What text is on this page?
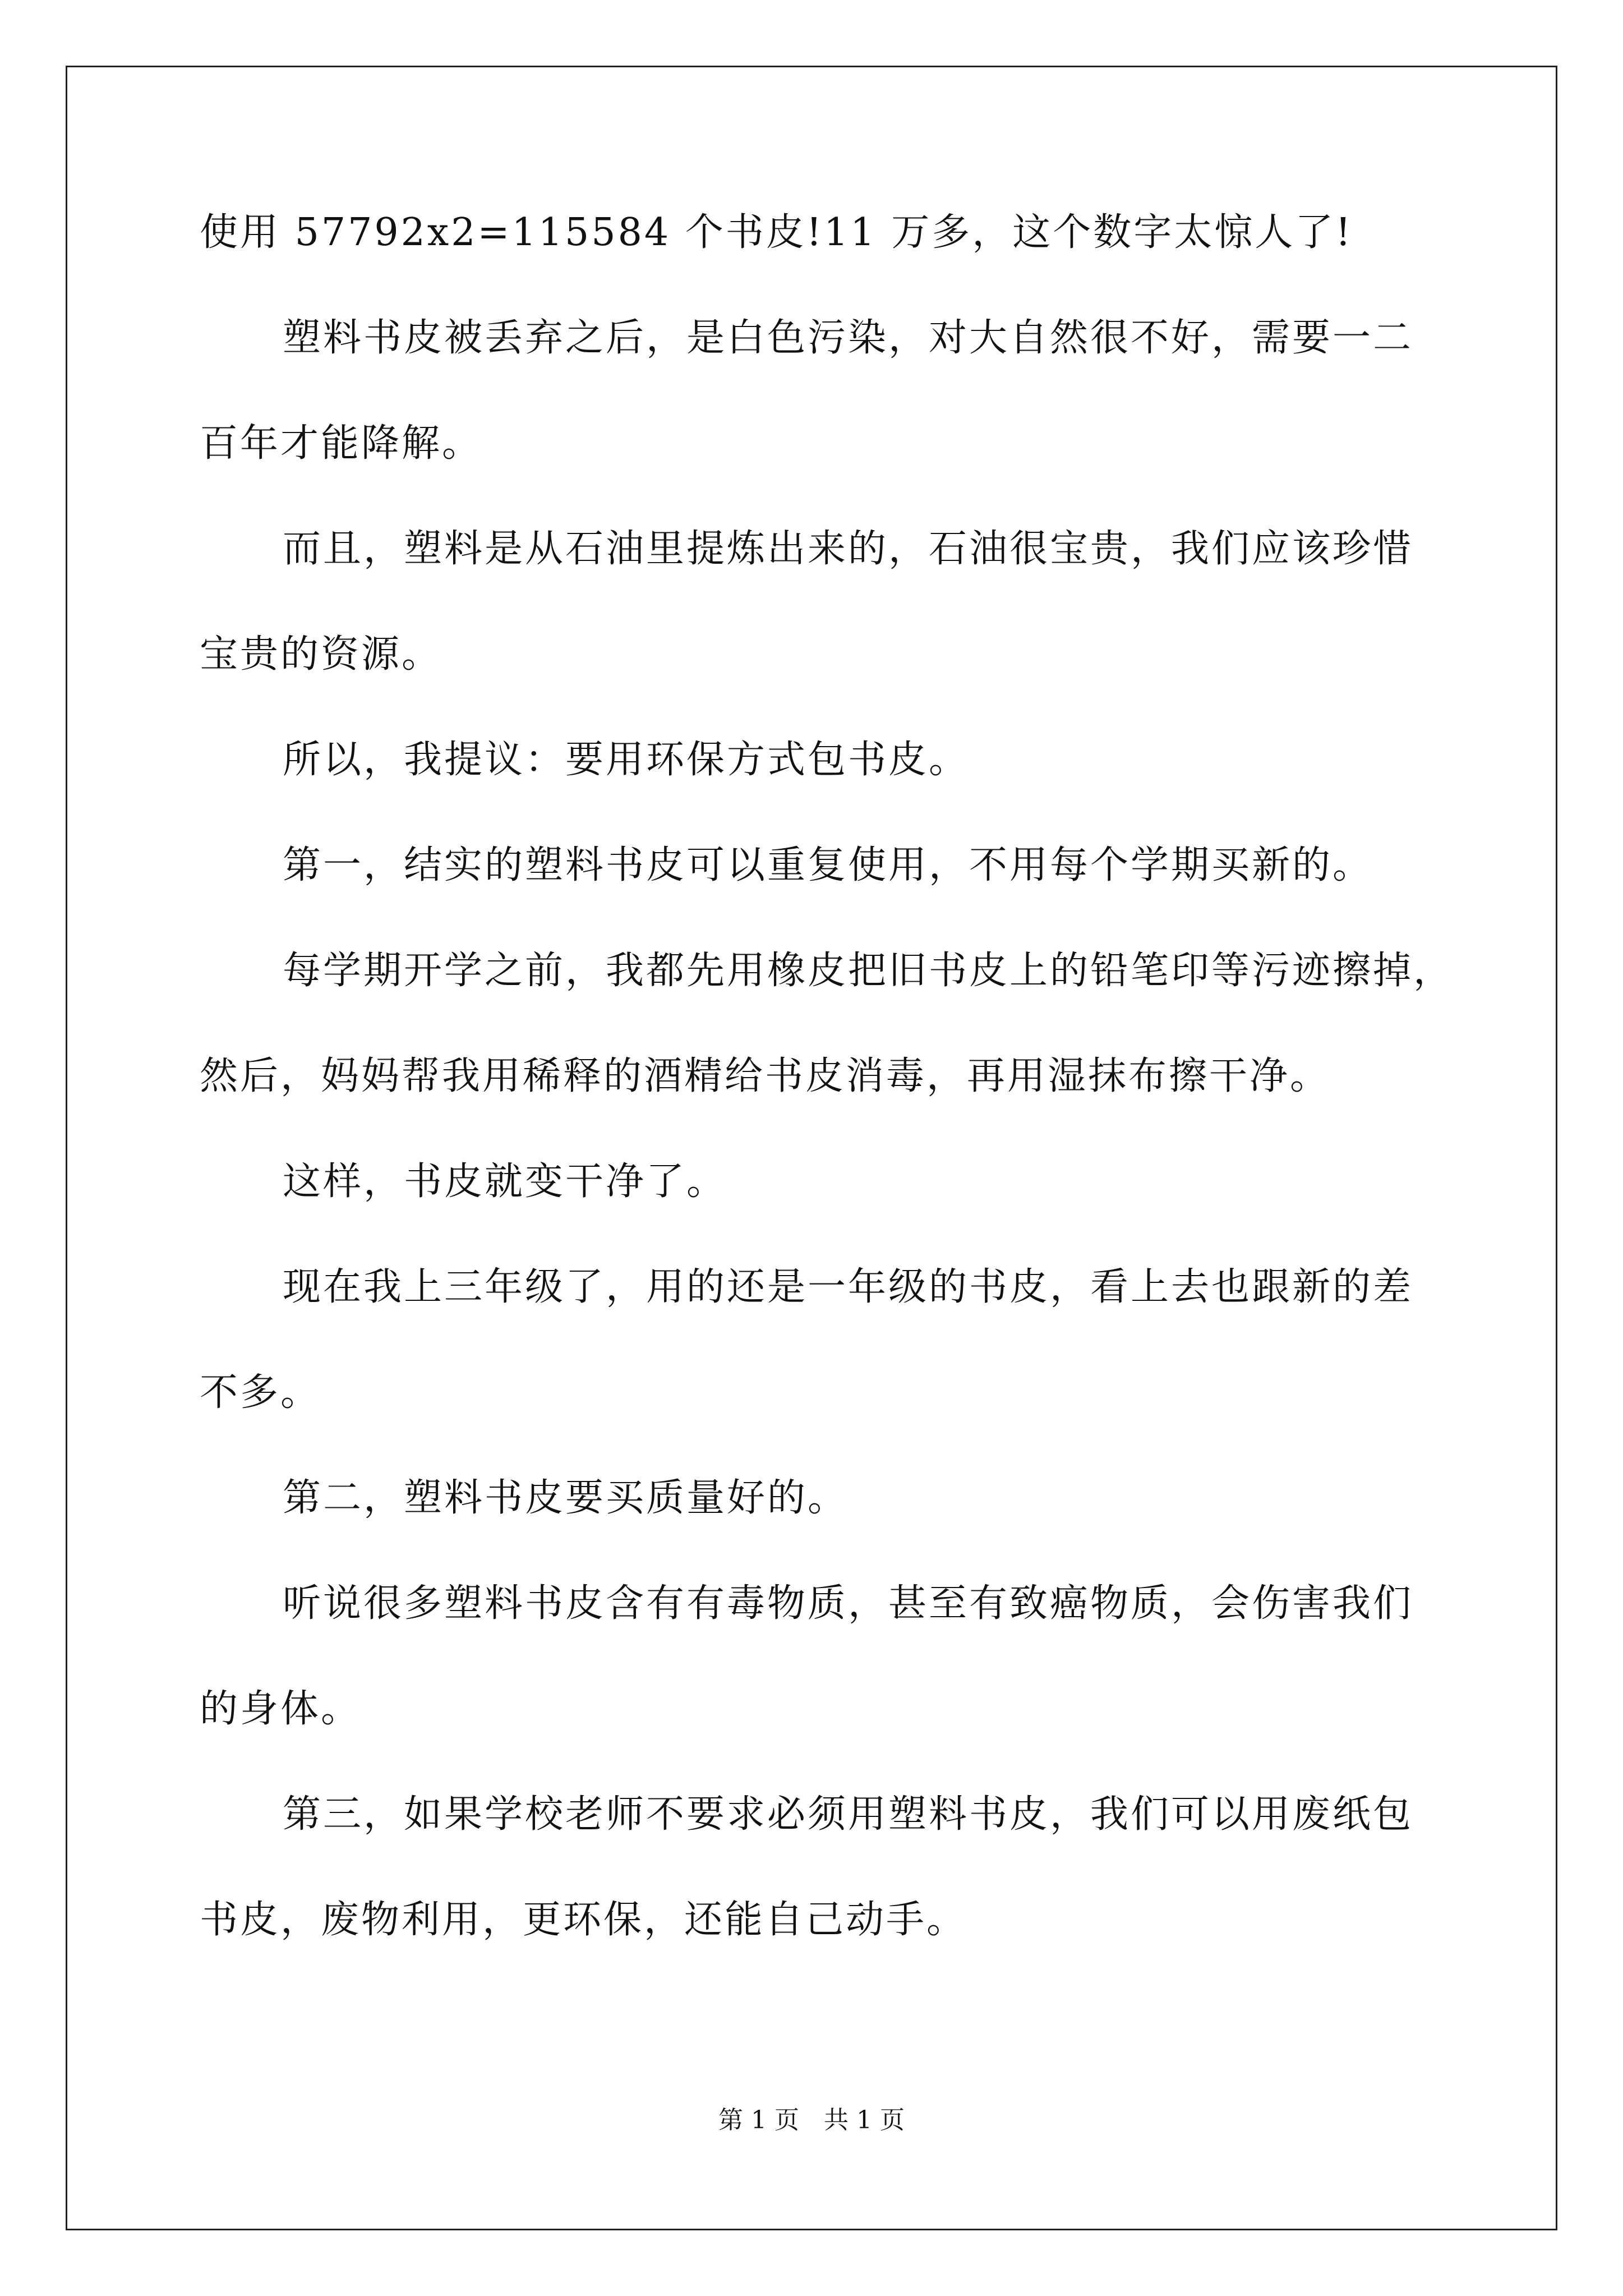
使用 57792x2=115584 个书皮!11 万多，这个数字太惊人了!
塑料书皮被丢弃之后，是白色污染，对大自然很不好，需要一二
百年才能降解。
而且，塑料是从石油里提炼出来的，石油很宝贵，我们应该珍惜
宝贵的资源。
所以，我提议：要用环保方式包书皮。
第一，结实的塑料书皮可以重复使用，不用每个学期买新的。
每学期开学之前，我都先用橡皮把旧书皮上的铅笔印等污迹擦掉，
然后，妈妈帮我用稀释的酒精给书皮消毒，再用湿抹布擦干净。
这样，书皮就变干净了。
现在我上三年级了，用的还是一年级的书皮，看上去也跟新的差
不多。
第二，塑料书皮要买质量好的。
听说很多塑料书皮含有有毒物质，甚至有致癌物质，会伤害我们
的身体。
第三，如果学校老师不要求必须用塑料书皮，我们可以用废纸包
书皮，废物利用，更环保，还能自己动手。
第 1 页　共 1 页
